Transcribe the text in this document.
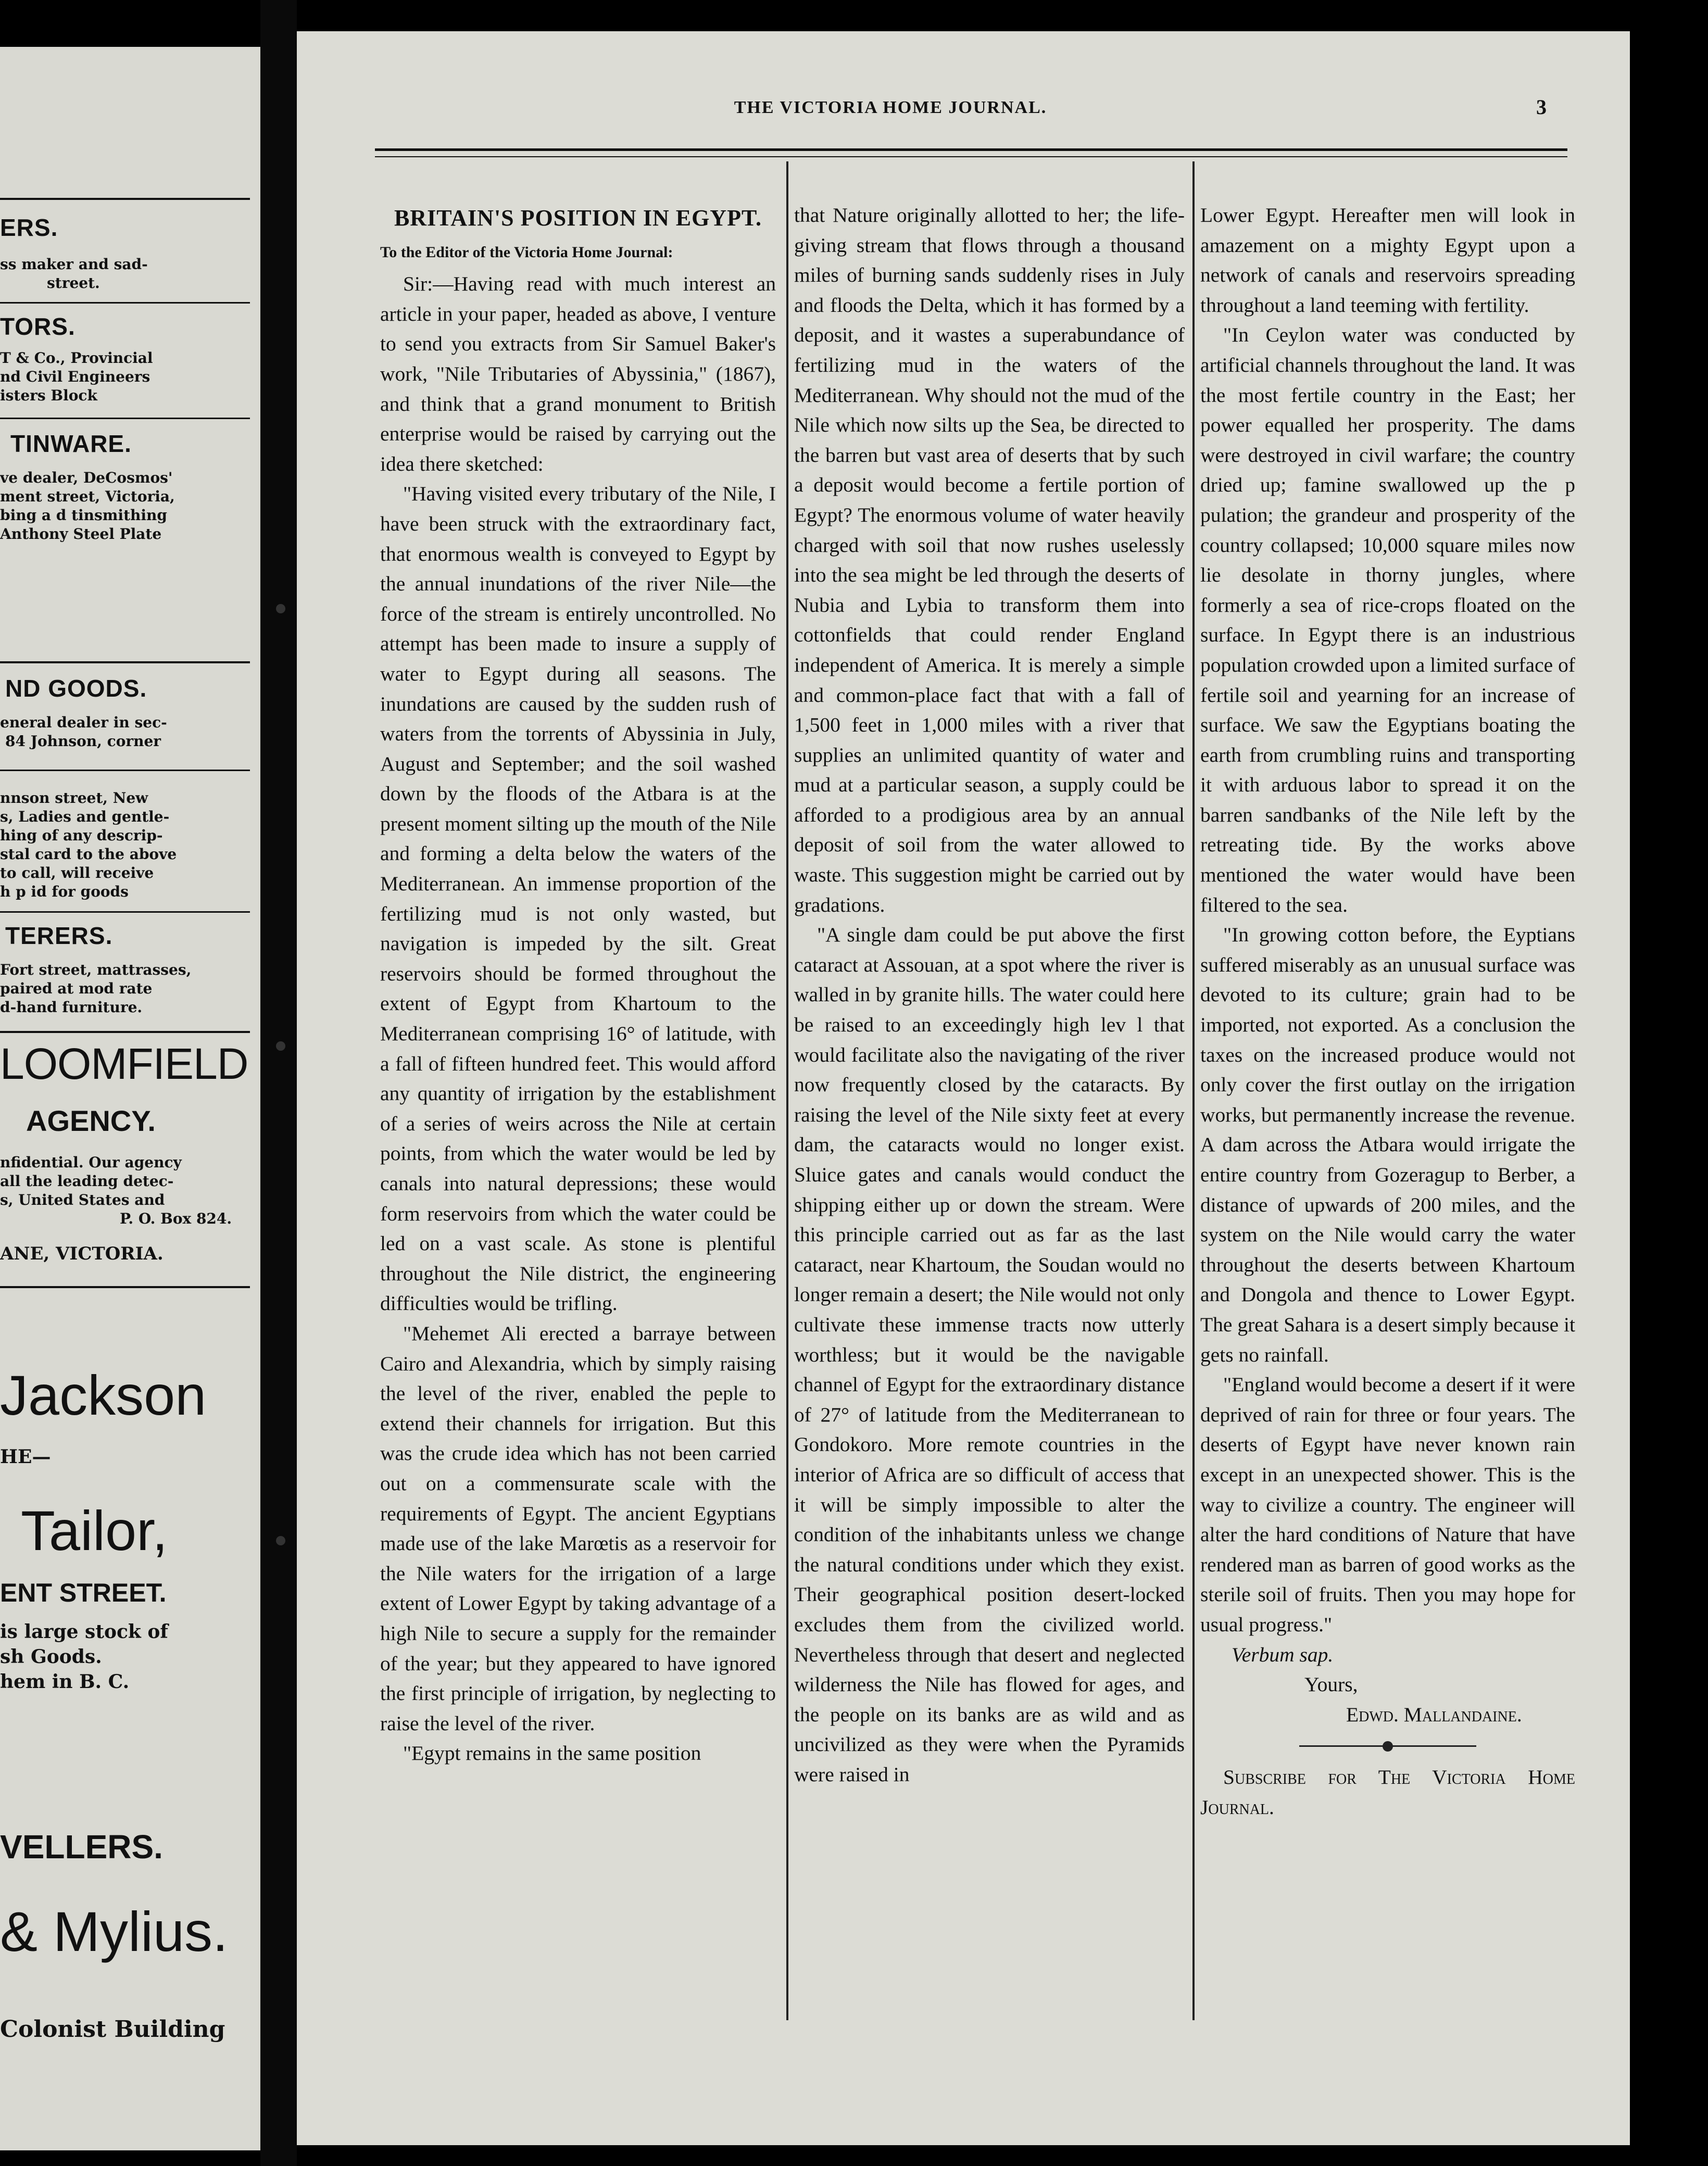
ERS.
ss maker and sad-
street.
TORS.
T & Co., Provincial
nd Civil Engineers
isters Block
TINWARE.
ve dealer, DeCosmos'
ment street, Victoria,
bing a d tinsmithing
Anthony Steel Plate
ND GOODS.
eneral dealer in sec-
84 Johnson, corner
nnson street, New
s, Ladies and gentle-
hing of any descrip-
stal card to the above
to call, will receive
h p id for goods
TERERS.
Fort street, mattrasses,
paired at mod rate
d-hand furniture.
LOOMFIELD
AGENCY.
nfidential. Our agency
all the leading detec-
s, United States and
P. O. Box 824.
ANE, VICTORIA.
Jackson
HE—
Tailor,
ENT STREET.
is large stock of
sh Goods.
hem in B. C.
VELLERS.
& Mylius.
Colonist Building
THE VICTORIA HOME JOURNAL.	3
BRITAIN'S POSITION IN EGYPT.
To the Editor of the Victoria Home Journal:

Sir:—Having read with much interest an article in your paper, headed as above, I venture to send you extracts from Sir Samuel Baker's work, "Nile Tributaries of Abyssinia," (1867), and think that a grand monument to British enterprise would be raised by carrying out the idea there sketched:

"Having visited every tributary of the Nile, I have been struck with the extraordinary fact, that enormous wealth is conveyed to Egypt by the annual inundations of the river Nile—the force of the stream is entirely uncontrolled. No attempt has been made to insure a supply of water to Egypt during all seasons. The inundations are caused by the sudden rush of waters from the torrents of Abyssinia in July, August and September; and the soil washed down by the floods of the Atbara is at the present moment silting up the mouth of the Nile and forming a delta below the waters of the Mediterranean. An immense proportion of the fertilizing mud is not only wasted, but navigation is impeded by the silt. Great reservoirs should be formed throughout the extent of Egypt from Khartoum to the Mediterranean comprising 16° of latitude, with a fall of fifteen hundred feet. This would afford any quantity of irrigation by the establishment of a series of weirs across the Nile at certain points, from which the water would be led by canals into natural depressions; these would form reservoirs from which the water could be led on a vast scale. As stone is plentiful throughout the Nile district, the engineering difficulties would be trifling.

"Mehemet Ali erected a barraye between Cairo and Alexandria, which by simply raising the level of the river, enabled the peple to extend their channels for irrigation. But this was the crude idea which has not been carried out on a commensurate scale with the requirements of Egypt. The ancient Egyptians made use of the lake Marœtis as a reservoir for the Nile waters for the irrigation of a large extent of Lower Egypt by taking advantage of a high Nile to secure a supply for the remainder of the year; but they appeared to have ignored the first principle of irrigation, by neglecting to raise the level of the river.

"Egypt remains in the same position

that Nature originally allotted to her; the life-giving stream that flows through a thousand miles of burning sands suddenly rises in July and floods the Delta, which it has formed by a deposit, and it wastes a superabundance of fertilizing mud in the waters of the Mediterranean. Why should not the mud of the Nile which now silts up the Sea, be directed to the barren but vast area of deserts that by such a deposit would become a fertile portion of Egypt? The enormous volume of water heavily charged with soil that now rushes uselessly into the sea might be led through the deserts of Nubia and Lybia to transform them into cottonfields that could render England independent of America. It is merely a simple and common-place fact that with a fall of 1,500 feet in 1,000 miles with a river that supplies an unlimited quantity of water and mud at a particular season, a supply could be afforded to a prodigious area by an annual deposit of soil from the water allowed to waste. This suggestion might be carried out by gradations.

"A single dam could be put above the first cataract at Assouan, at a spot where the river is walled in by granite hills. The water could here be raised to an exceedingly high lev l that would facilitate also the navigating of the river now frequently closed by the cataracts. By raising the level of the Nile sixty feet at every dam, the cataracts would no longer exist. Sluice gates and canals would conduct the shipping either up or down the stream. Were this principle carried out as far as the last cataract, near Khartoum, the Soudan would no longer remain a desert; the Nile would not only cultivate these immense tracts now utterly worthless; but it would be the navigable channel of Egypt for the extraordinary distance of 27° of latitude from the Mediterranean to Gondokoro. More remote countries in the interior of Africa are so difficult of access that it will be simply impossible to alter the condition of the inhabitants unless we change the natural conditions under which they exist. Their geographical position desert-locked excludes them from the civilized world. Nevertheless through that desert and neglected wilderness the Nile has flowed for ages, and the people on its banks are as wild and as uncivilized as they were when the Pyramids were raised in

Lower Egypt. Hereafter men will look in amazement on a mighty Egypt upon a network of canals and reservoirs spreading throughout a land teeming with fertility.

"In Ceylon water was conducted by artificial channels throughout the land. It was the most fertile country in the East; her power equalled her prosperity. The dams were destroyed in civil warfare; the country dried up; famine swallowed up the p pulation; the grandeur and prosperity of the country collapsed; 10,000 square miles now lie desolate in thorny jungles, where formerly a sea of rice-crops floated on the surface. In Egypt there is an industrious population crowded upon a limited surface of fertile soil and yearning for an increase of surface. We saw the Egyptians boating the earth from crumbling ruins and transporting it with arduous labor to spread it on the barren sandbanks of the Nile left by the retreating tide. By the works above mentioned the water would have been filtered to the sea.

"In growing cotton before, the Eyptians suffered miserably as an unusual surface was devoted to its culture; grain had to be imported, not exported. As a conclusion the taxes on the increased produce would not only cover the first outlay on the irrigation works, but permanently increase the revenue. A dam across the Atbara would irrigate the entire country from Gozeragup to Berber, a distance of upwards of 200 miles, and the system on the Nile would carry the water throughout the deserts between Khartoum and Dongola and thence to Lower Egypt. The great Sahara is a desert simply because it gets no rainfall.

"England would become a desert if it were deprived of rain for three or four years. The deserts of Egypt have never known rain except in an unexpected shower. This is the way to civilize a country. The engineer will alter the hard conditions of Nature that have rendered man as barren of good works as the sterile soil of fruits. Then you may hope for usual progress."

Verbum sap.
Yours,
Edwd. Mallandaine.

Subscribe for The Victoria Home Journal.
